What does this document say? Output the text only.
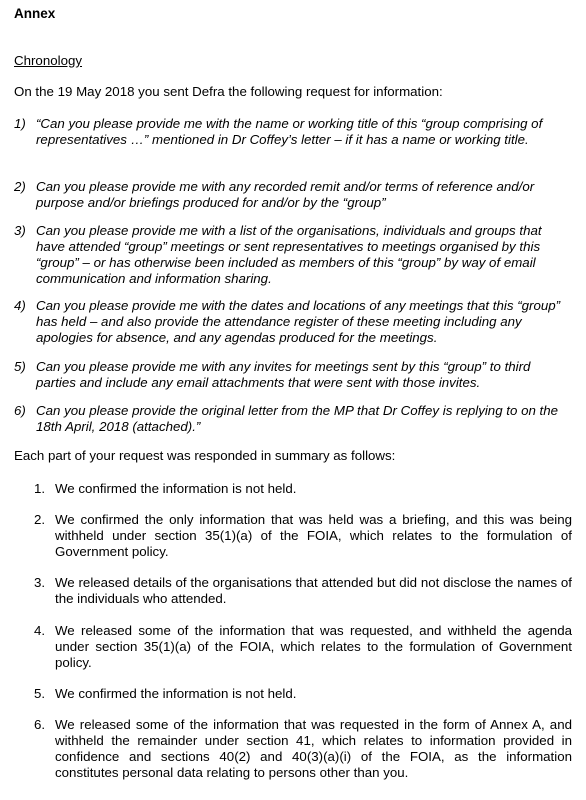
Annex
Chronology
On the 19 May 2018 you sent Defra the following request for information:
1) “Can you please provide me with the name or working title of this “group comprising of representatives …” mentioned in Dr Coffey’s letter – if it has a name or working title.
2) Can you please provide me with any recorded remit and/or terms of reference and/or purpose and/or briefings produced for and/or by the “group”
3) Can you please provide me with a list of the organisations, individuals and groups that have attended “group” meetings or sent representatives to meetings organised by this “group” – or has otherwise been included as members of this “group” by way of email communication and information sharing.
4) Can you please provide me with the dates and locations of any meetings that this “group” has held – and also provide the attendance register of these meeting including any apologies for absence, and any agendas produced for the meetings.
5) Can you please provide me with any invites for meetings sent by this “group” to third parties and include any email attachments that were sent with those invites.
6) Can you please provide the original letter from the MP that Dr Coffey is replying to on the 18th April, 2018 (attached).”
Each part of your request was responded in summary as follows:
1. We confirmed the information is not held.
2. We confirmed the only information that was held was a briefing, and this was being withheld under section 35(1)(a) of the FOIA, which relates to the formulation of Government policy.
3. We released details of the organisations that attended but did not disclose the names of the individuals who attended.
4. We released some of the information that was requested, and withheld the agenda under section 35(1)(a) of the FOIA, which relates to the formulation of Government policy.
5. We confirmed the information is not held.
6. We released some of the information that was requested in the form of Annex A, and withheld the remainder under section 41, which relates to information provided in confidence and sections 40(2) and 40(3)(a)(i) of the FOIA, as the information constitutes personal data relating to persons other than you.
